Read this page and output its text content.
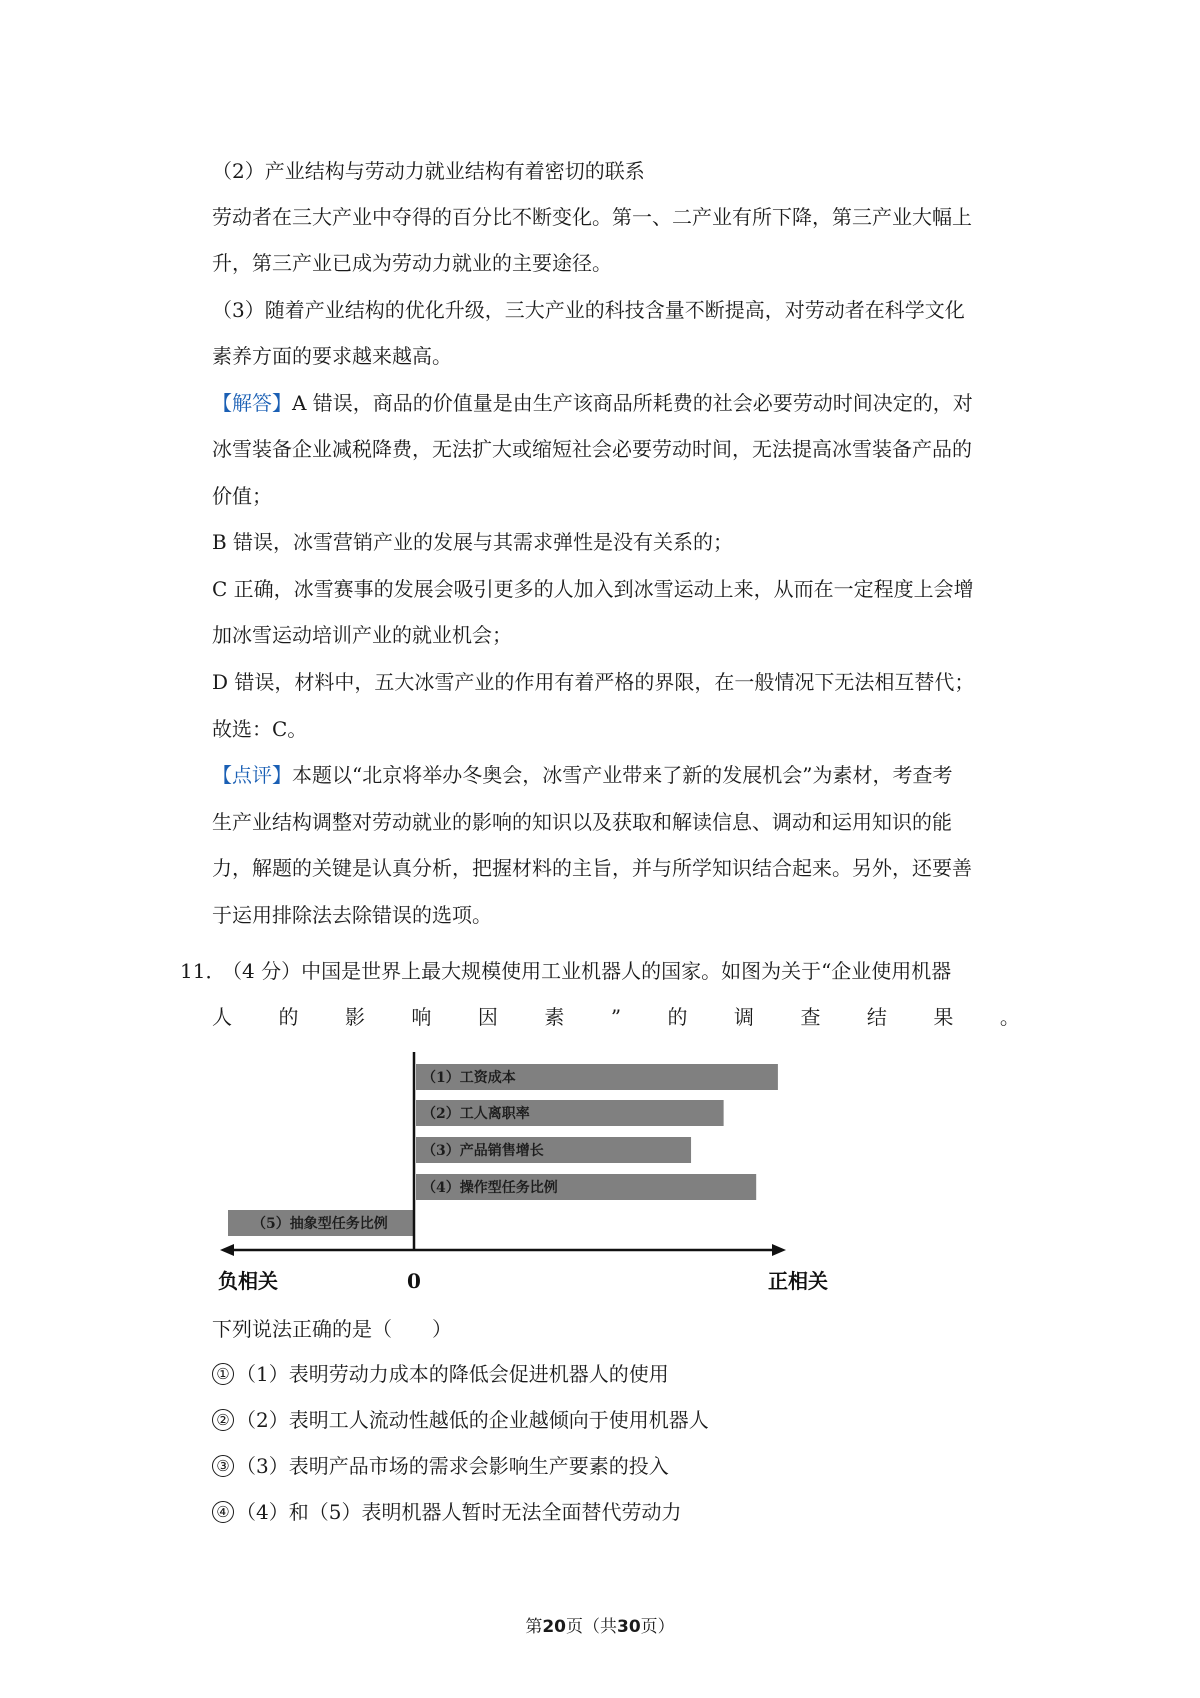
（2）产业结构与劳动力就业结构有着密切的联系
劳动者在三大产业中夺得的百分比不断变化。第一、二产业有所下降，第三产业大幅上
升，第三产业已成为劳动力就业的主要途径。
（3）随着产业结构的优化升级，三大产业的科技含量不断提高，对劳动者在科学文化
素养方面的要求越来越高。
【解答】A 错误，商品的价值量是由生产该商品所耗费的社会必要劳动时间决定的，对
冰雪装备企业减税降费，无法扩大或缩短社会必要劳动时间，无法提高冰雪装备产品的
价值；
B 错误，冰雪营销产业的发展与其需求弹性是没有关系的；
C 正确，冰雪赛事的发展会吸引更多的人加入到冰雪运动上来，从而在一定程度上会增
加冰雪运动培训产业的就业机会；
D 错误，材料中，五大冰雪产业的作用有着严格的界限，在一般情况下无法相互替代；
故选：C。
【点评】本题以“北京将举办冬奥会，冰雪产业带来了新的发展机会”为素材，考查考
生产业结构调整对劳动就业的影响的知识以及获取和解读信息、调动和运用知识的能
力，解题的关键是认真分析，把握材料的主旨，并与所学知识结合起来。另外，还要善
于运用排除法去除错误的选项。
11．
（4 分）中国是世界上最大规模使用工业机器人的国家。如图为关于“企业使用机器
人 的 影 响 因 素 ” 的 调 查 结 果 。
（1）工资成本
（2）工人离职率
（3）产品销售增长
（4）操作型任务比例
（5）抽象型任务比例
负相关	0	正相关
下列说法正确的是（　　）
① （1）表明劳动力成本的降低会促进机器人的使用
② （2）表明工人流动性越低的企业越倾向于使用机器人
③ （3）表明产品市场的需求会影响生产要素的投入
④ （4）和（5）表明机器人暂时无法全面替代劳动力
第20页（共30页）
